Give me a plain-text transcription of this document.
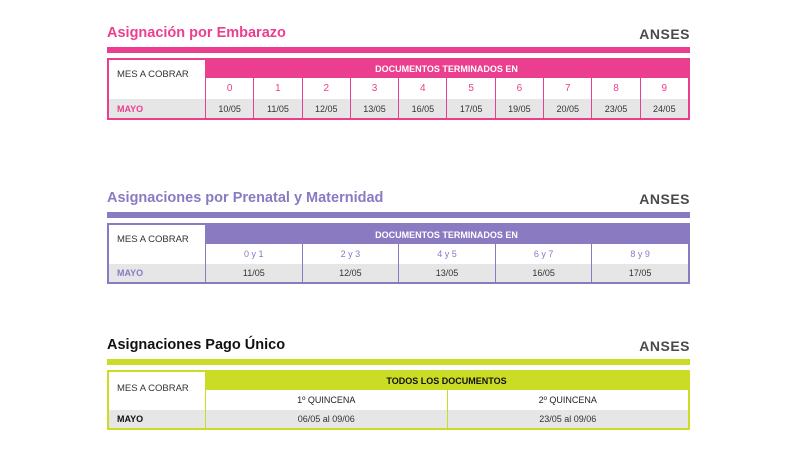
Asignación por Embarazo	ANSES
MES A COBRAR	DOCUMENTOS TERMINADOS EN
0	1	2	3	4	5	6	7	8	9
MAYO	10/05	11/05	12/05	13/05	16/05	17/05	19/05	20/05	23/05	24/05
Asignaciones por Prenatal y Maternidad	ANSES
MES A COBRAR	DOCUMENTOS TERMINADOS EN
0 y 1	2 y 3	4 y 5	6 y 7	8 y 9
MAYO	11/05	12/05	13/05	16/05	17/05
Asignaciones Pago Único	ANSES
MES A COBRAR
TODOS LOS DOCUMENTOS
1º QUINCENA	2º QUINCENA
MAYO	06/05 al 09/06	23/05 al 09/06
